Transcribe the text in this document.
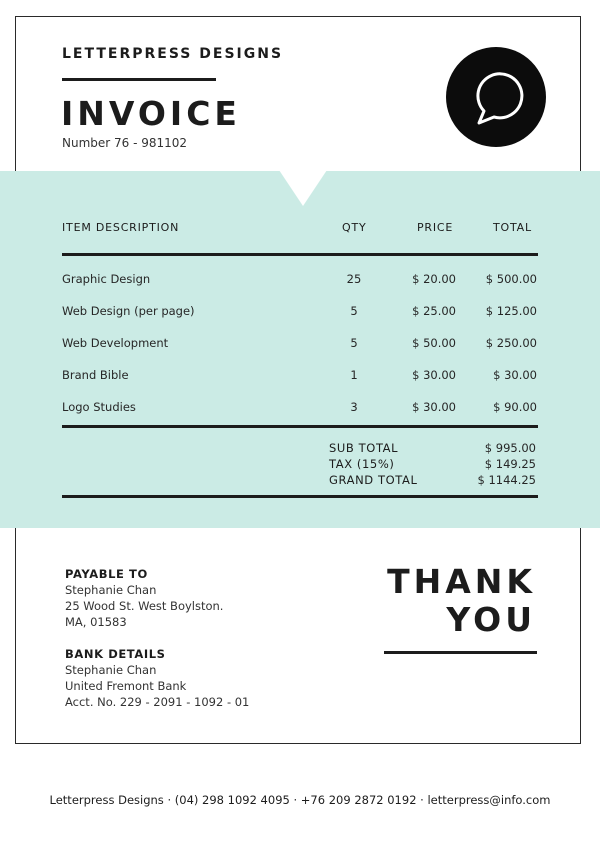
LETTERPRESS DESIGNS
INVOICE
Number 76 - 981102
ITEM DESCRIPTION	QTY	PRICE	TOTAL
Graphic Design	25	$ 20.00	$ 500.00
Web Design (per page)	5	$ 25.00	$ 125.00
Web Development	5	$ 50.00	$ 250.00
Brand Bible	1	$ 30.00	$ 30.00
Logo Studies	3	$ 30.00	$ 90.00
SUB TOTAL	$ 995.00
TAX (15%)	$ 149.25
GRAND TOTAL	$ 1144.25
PAYABLE TO
Stephanie Chan
25 Wood St. West Boylston.
MA, 01583
BANK DETAILS
Stephanie Chan
United Fremont Bank
Acct. No. 229 - 2091 - 1092 - 01
THANK
YOU
Letterpress Designs · (04) 298 1092 4095 · +76 209 2872 0192 · letterpress@info.com
